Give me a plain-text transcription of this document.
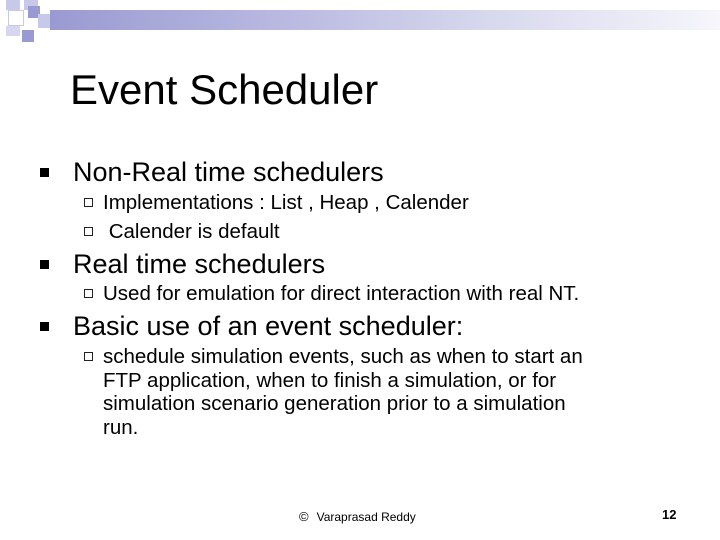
Event Scheduler
Non-Real time schedulers
Implementations : List , Heap , Calender
Calender is default
Real time schedulers
Used for emulation for direct interaction with real NT.
Basic use of an event scheduler:
schedule simulation events, such as when to start an
FTP application, when to finish a simulation, or for
simulation scenario generation prior to a simulation
run.
© Varaprasad Reddy	12
